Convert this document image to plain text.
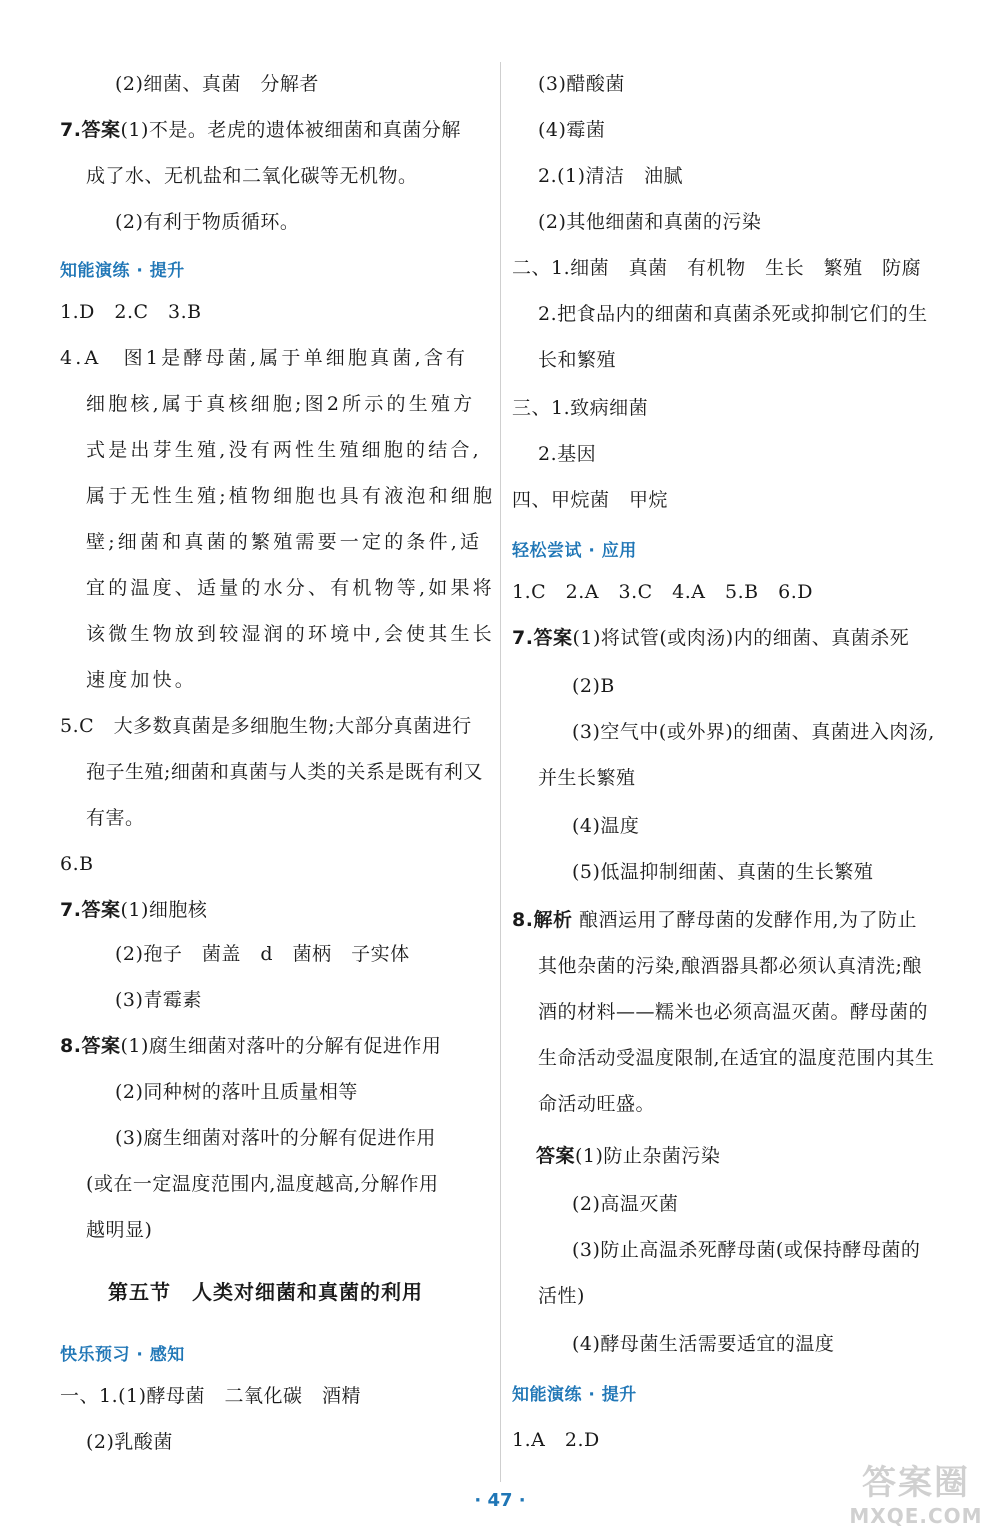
(2)细菌、真菌　分解者
7.答案(1)不是。老虎的遗体被细菌和真菌分解
成了水、无机盐和二氧化碳等无机物。
(2)有利于物质循环。
知能演练 · 提升
1.D　2.C　3.B
4.A　图1是酵母菌,属于单细胞真菌,含有
细胞核,属于真核细胞;图2所示的生殖方
式是出芽生殖,没有两性生殖细胞的结合,
属于无性生殖;植物细胞也具有液泡和细胞
壁;细菌和真菌的繁殖需要一定的条件,适
宜的温度、适量的水分、有机物等,如果将
该微生物放到较湿润的环境中,会使其生长
速度加快。
5.C　大多数真菌是多细胞生物;大部分真菌进行
孢子生殖;细菌和真菌与人类的关系是既有利又
有害。
6.B
7.答案(1)细胞核
(2)孢子　菌盖　d　菌柄　子实体
(3)青霉素
8.答案(1)腐生细菌对落叶的分解有促进作用
(2)同种树的落叶且质量相等
(3)腐生细菌对落叶的分解有促进作用
(或在一定温度范围内,温度越高,分解作用
越明显)
第五节　人类对细菌和真菌的利用
快乐预习 · 感知
一、1.(1)酵母菌　二氧化碳　酒精
(2)乳酸菌
(3)醋酸菌
(4)霉菌
2.(1)清洁　油腻
(2)其他细菌和真菌的污染
二、1.细菌　真菌　有机物　生长　繁殖　防腐
2.把食品内的细菌和真菌杀死或抑制它们的生
长和繁殖
三、1.致病细菌
2.基因
四、甲烷菌　甲烷
轻松尝试 · 应用
1.C　2.A　3.C　4.A　5.B　6.D
7.答案(1)将试管(或肉汤)内的细菌、真菌杀死
(2)B
(3)空气中(或外界)的细菌、真菌进入肉汤,
并生长繁殖
(4)温度
(5)低温抑制细菌、真菌的生长繁殖
8.解析 酿酒运用了酵母菌的发酵作用,为了防止
其他杂菌的污染,酿酒器具都必须认真清洗;酿
酒的材料——糯米也必须高温灭菌。酵母菌的
生命活动受温度限制,在适宜的温度范围内其生
命活动旺盛。
答案(1)防止杂菌污染
(2)高温灭菌
(3)防止高温杀死酵母菌(或保持酵母菌的
活性)
(4)酵母菌生活需要适宜的温度
知能演练 · 提升
1.A　2.D
· 47 ·	答案圈
MXQE.COM
